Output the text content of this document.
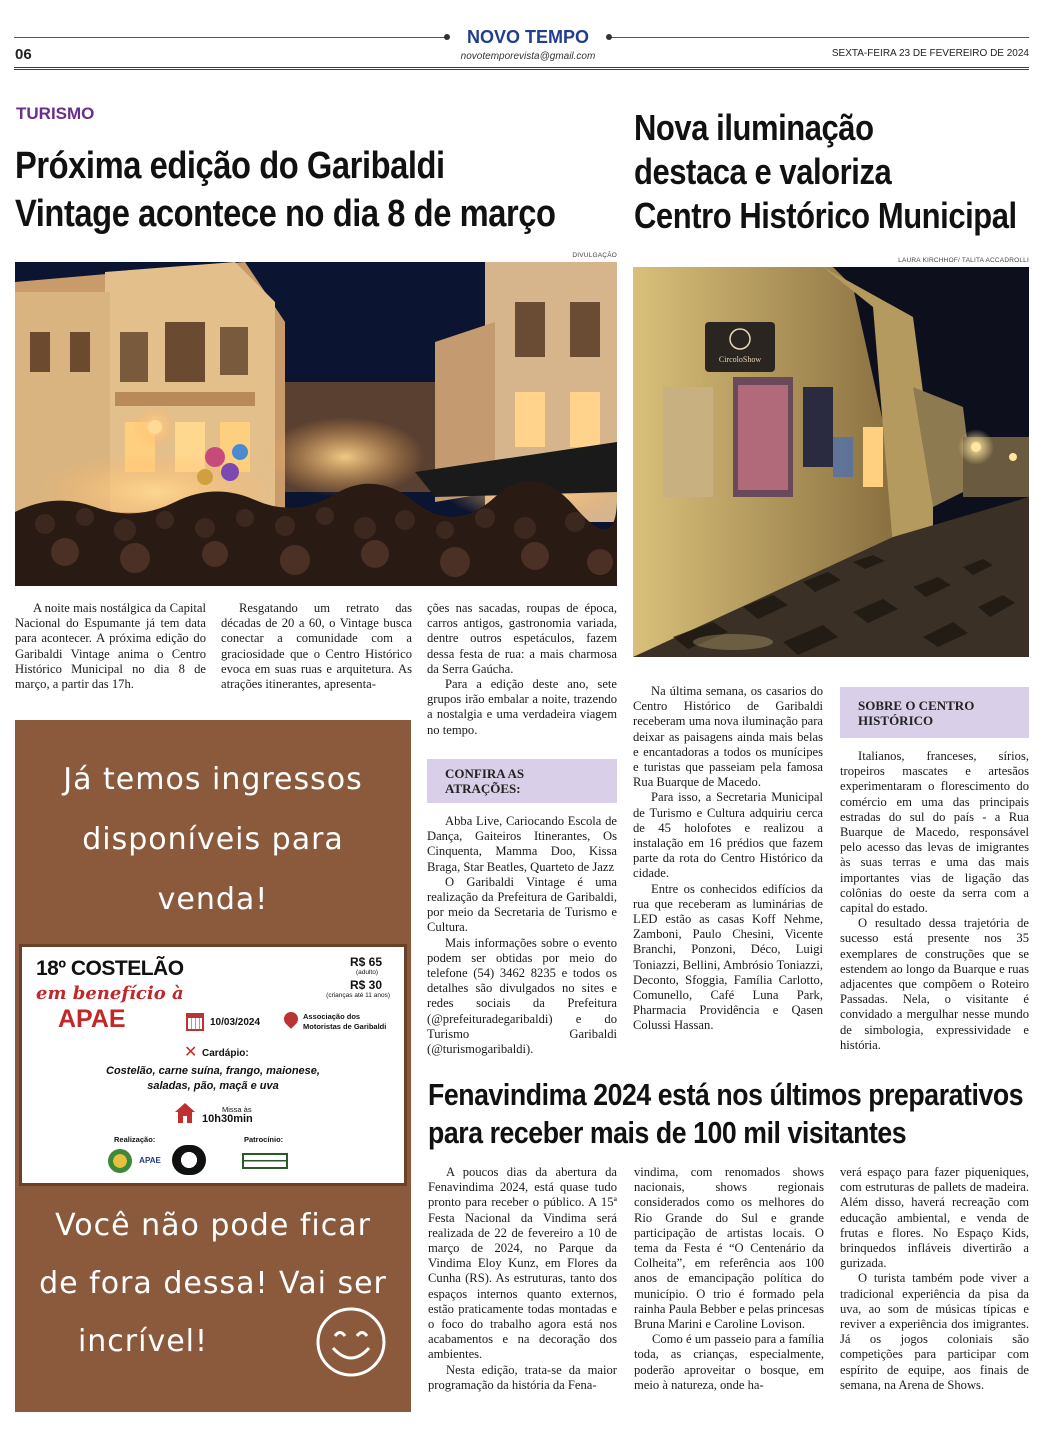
NOVO TEMPO
novotemporevista@gmail.com
06	SEXTA-FEIRA 23 DE FEVEREIRO DE 2024
TURISMO
Próxima edição do Garibaldi
Vintage acontece no dia 8 de março
DIVULGAÇÃO

A noite mais nostálgica da Capital Nacional do Espumante já tem data para acontecer. A próxima edição do Garibaldi Vintage anima o Centro Histórico Municipal no dia 8 de março, a partir das 17h.

Resgatando um retrato das décadas de 20 a 60, o Vintage busca conectar a comunidade com a graciosidade que o Centro Histórico evoca em suas ruas e arquitetura. As atrações itinerantes, apresenta-

ções nas sacadas, roupas de época, carros antigos, gastronomia variada, dentre outros espetáculos, fazem dessa festa de rua: a mais charmosa da Serra Gaúcha.

Para a edição deste ano, sete grupos irão embalar a noite, trazendo a nostalgia e uma verdadeira viagem no tempo.

CONFIRA AS
ATRAÇÕES:

Abba Live, Cariocando Escola de Dança, Gaiteiros Itinerantes, Os Cinquenta, Mamma Doo, Kissa Braga, Star Beatles, Quarteto de Jazz

O Garibaldi Vintage é uma realização da Prefeitura de Garibaldi, por meio da Secretaria de Turismo e Cultura.

Mais informações sobre o evento podem ser obtidas por meio do telefone (54) 3462 8235 e todos os detalhes são divulgados no sites e redes sociais da Prefeitura (@prefeituradegaribaldi) e do Turismo Garibaldi (@turismogaribaldi).

Já temos ingressos
disponíveis para
venda!
18º COSTELÃO
em benefício à
APAE
R$ 65
(adulto)
R$ 30
(crianças até 11 anos)
10/03/2024
Associação dos
Motoristas de Garibaldi
✕ Cardápio:
Costelão, carne suína, frango, maionese,
saladas, pão, maçã e uva
Missa às
10h30min
Realização:	Patrocínio:
APAE
Você não pode ficar
de fora dessa! Vai ser
incrível!
Nova iluminação
destaca e valoriza
Centro Histórico Municipal
LAURA KIRCHHOF/ TALITA ACCADROLLI
CircoloShow

Na última semana, os casarios do Centro Histórico de Garibaldi receberam uma nova iluminação para deixar as paisagens ainda mais belas e encantadoras a todos os munícipes e turistas que passeiam pela famosa Rua Buarque de Macedo.

Para isso, a Secretaria Municipal de Turismo e Cultura adquiriu cerca de 45 holofotes e realizou a instalação em 16 prédios que fazem parte da rota do Centro Histórico da cidade.

Entre os conhecidos edifícios da rua que receberam as luminárias de LED estão as casas Koff Nehme, Zamboni, Paulo Chesini, Vicente Branchi, Ponzoni, Déco, Luigi Toniazzi, Bellini, Ambrósio Toniazzi, Deconto, Sfoggia, Família Carlotto, Comunello, Café Luna Park, Pharmacia Providência e Qasen Colussi Hassan.

SOBRE O CENTRO
HISTÓRICO

Italianos, franceses, sírios, tropeiros mascates e artesãos experimentaram o florescimento do comércio em uma das principais estradas do sul do país - a Rua Buarque de Macedo, responsável pelo acesso das levas de imigrantes às suas terras e uma das mais importantes vias de ligação das colônias do oeste da serra com a capital do estado.

O resultado dessa trajetória de sucesso está presente nos 35 exemplares de construções que se estendem ao longo da Buarque e ruas adjacentes que compõem o Roteiro Passadas. Nela, o visitante é convidado a mergulhar nesse mundo de simbologia, expressividade e história.

Fenavindima 2024 está nos últimos preparativos
para receber mais de 100 mil visitantes

A poucos dias da abertura da Fenavindima 2024, está quase tudo pronto para receber o público. A 15ª Festa Nacional da Vindima será realizada de 22 de fevereiro a 10 de março de 2024, no Parque da Vindima Eloy Kunz, em Flores da Cunha (RS). As estruturas, tanto dos espaços internos quanto externos, estão praticamente todas montadas e o foco do trabalho agora está nos acabamentos e na decoração dos ambientes.

Nesta edição, trata-se da maior programação da história da Fena-

vindima, com renomados shows nacionais, shows regionais considerados como os melhores do Rio Grande do Sul e grande participação de artistas locais. O tema da Festa é “O Centenário da Colheita”, em referência aos 100 anos de emancipação política do município. O trio é formado pela rainha Paula Bebber e pelas princesas Bruna Marini e Caroline Lovison.

Como é um passeio para a família toda, as crianças, especialmente, poderão aproveitar o bosque, em meio à natureza, onde ha-

verá espaço para fazer piqueniques, com estruturas de pallets de madeira. Além disso, haverá recreação com educação ambiental, e venda de frutas e flores. No Espaço Kids, brinquedos infláveis divertirão a gurizada.

O turista também pode viver a tradicional experiência da pisa da uva, ao som de músicas típicas e reviver a experiência dos imigrantes. Já os jogos coloniais são competições para participar com espírito de equipe, aos finais de semana, na Arena de Shows.
